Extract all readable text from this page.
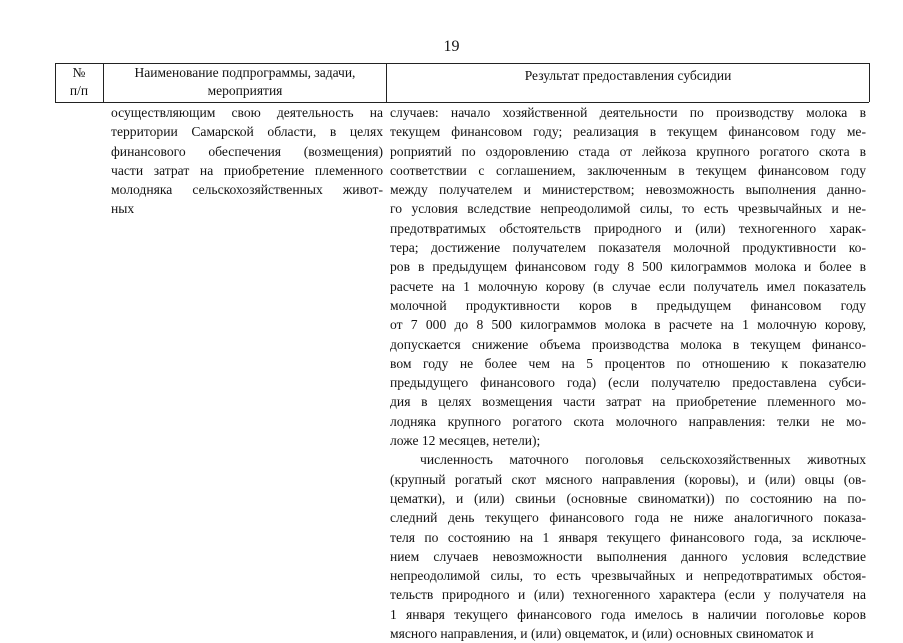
19
№
п/п
Наименование подпрограммы, задачи,
мероприятия
Результат предоставления субсидии
осуществляющим свою деятельность на
территории Самарской области, в целях
финансового обеспечения (возмещения)
части затрат на приобретение племенного
молодняка сельскохозяйственных живот-
ных
случаев: начало хозяйственной деятельности по производству молока в
текущем финансовом году; реализация в текущем финансовом году ме-
роприятий по оздоровлению стада от лейкоза крупного рогатого скота в
соответствии с соглашением, заключенным в текущем финансовом году
между получателем и министерством; невозможность выполнения данно-
го условия вследствие непреодолимой силы, то есть чрезвычайных и не-
предотвратимых обстоятельств природного и (или) техногенного харак-
тера; достижение получателем показателя молочной продуктивности ко-
ров в предыдущем финансовом году 8 500 килограммов молока и более в
расчете на 1 молочную корову (в случае если получатель имел показатель
молочной продуктивности коров в предыдущем финансовом году
от 7 000 до 8 500 килограммов молока в расчете на 1 молочную корову,
допускается снижение объема производства молока в текущем финансо-
вом году не более чем на 5 процентов по отношению к показателю
предыдущего финансового года) (если получателю предоставлена субси-
дия в целях возмещения части затрат на приобретение племенного мо-
лодняка крупного рогатого скота молочного направления: телки не мо-
ложе 12 месяцев, нетели);
численность маточного поголовья сельскохозяйственных животных
(крупный рогатый скот мясного направления (коровы), и (или) овцы (ов-
цематки), и (или) свиньи (основные свиноматки)) по состоянию на по-
следний день текущего финансового года не ниже аналогичного показа-
теля по состоянию на 1 января текущего финансового года, за исключе-
нием случаев невозможности выполнения данного условия вследствие
непреодолимой силы, то есть чрезвычайных и непредотвратимых обстоя-
тельств природного и (или) техногенного характера (если у получателя на
1 января текущего финансового года имелось в наличии поголовье коров
мясного направления, и (или) овцематок, и (или) основных свиноматок и
